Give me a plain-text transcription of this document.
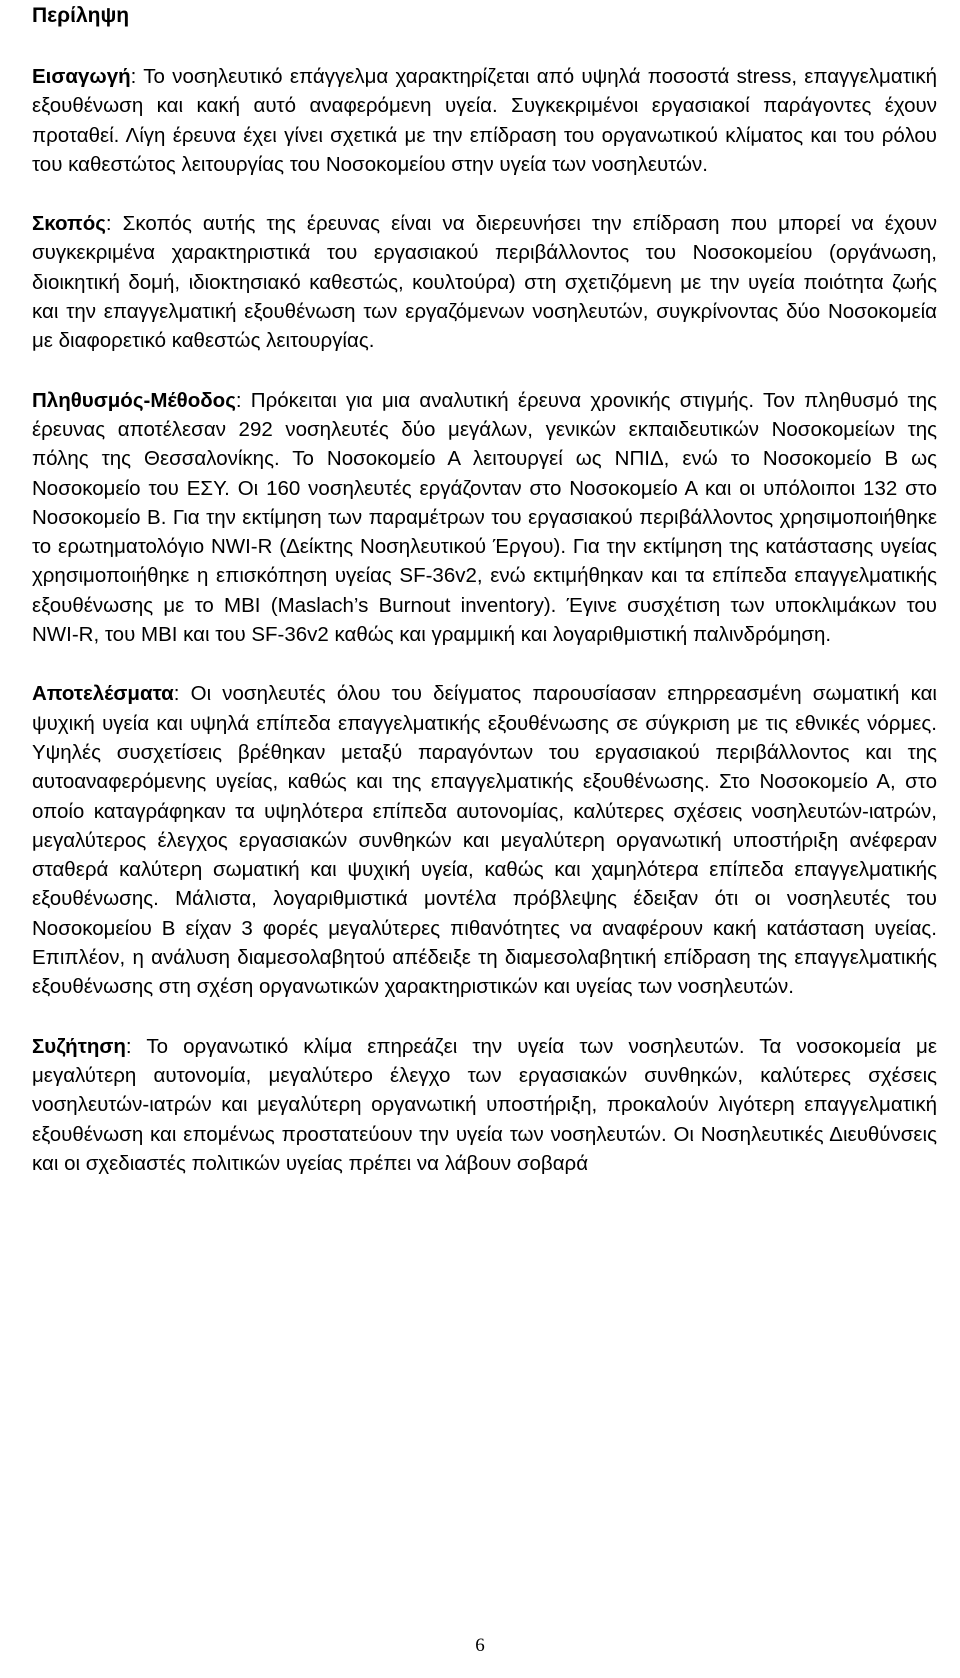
Περίληψη

Εισαγωγή: Το νοσηλευτικό επάγγελμα χαρακτηρίζεται από υψηλά ποσοστά stress, επαγγελματική εξουθένωση και κακή αυτό αναφερόμενη υγεία. Συγκεκριμένοι εργασιακοί παράγοντες έχουν προταθεί. Λίγη έρευνα έχει γίνει σχετικά με την επίδραση του οργανωτικού κλίματος και του ρόλου του καθεστώτος λειτουργίας του Νοσοκομείου στην υγεία των νοσηλευτών.

Σκοπός: Σκοπός αυτής της έρευνας είναι να διερευνήσει την επίδραση που μπορεί να έχουν συγκεκριμένα χαρακτηριστικά του εργασιακού περιβάλλοντος του Νοσοκομείου (οργάνωση, διοικητική δομή, ιδιοκτησιακό καθεστώς, κουλτούρα) στη σχετιζόμενη με την υγεία ποιότητα ζωής και την επαγγελματική εξουθένωση των εργαζόμενων νοσηλευτών, συγκρίνοντας δύο Νοσοκομεία με διαφορετικό καθεστώς λειτουργίας.

Πληθυσμός-Μέθοδος: Πρόκειται για μια αναλυτική έρευνα χρονικής στιγμής. Τον πληθυσμό της έρευνας αποτέλεσαν 292 νοσηλευτές δύο μεγάλων, γενικών εκπαιδευτικών Νοσοκομείων της πόλης της Θεσσαλονίκης. Το Νοσοκομείο Α λειτουργεί ως ΝΠΙΔ, ενώ το Νοσοκομείο Β ως Νοσοκομείο του ΕΣΥ. Οι 160 νοσηλευτές εργάζονταν στο Νοσοκομείο Α και οι υπόλοιποι 132 στο Νοσοκομείο Β. Για την εκτίμηση των παραμέτρων του εργασιακού περιβάλλοντος χρησιμοποιήθηκε το ερωτηματολόγιο NWI-R (Δείκτης Νοσηλευτικού Έργου). Για την εκτίμηση της κατάστασης υγείας χρησιμοποιήθηκε η επισκόπηση υγείας SF-36v2, ενώ εκτιμήθηκαν και τα επίπεδα επαγγελματικής εξουθένωσης με το MBI (Maslach’s Burnout inventory). Έγινε συσχέτιση των υποκλιμάκων του NWI-R, του MBI και του SF-36v2 καθώς και γραμμική και λογαριθμιστική παλινδρόμηση.

Αποτελέσματα: Οι νοσηλευτές όλου του δείγματος παρουσίασαν επηρρεασμένη σωματική και ψυχική υγεία και υψηλά επίπεδα επαγγελματικής εξουθένωσης σε σύγκριση με τις εθνικές νόρμες. Υψηλές συσχετίσεις βρέθηκαν μεταξύ παραγόντων του εργασιακού περιβάλλοντος και της αυτοαναφερόμενης υγείας, καθώς και της επαγγελματικής εξουθένωσης. Στο Νοσοκομείο Α, στο οποίο καταγράφηκαν τα υψηλότερα επίπεδα αυτονομίας, καλύτερες σχέσεις νοσηλευτών-ιατρών, μεγαλύτερος έλεγχος εργασιακών συνθηκών και μεγαλύτερη οργανωτική υποστήριξη ανέφεραν σταθερά καλύτερη σωματική και ψυχική υγεία, καθώς και χαμηλότερα επίπεδα επαγγελματικής εξουθένωσης. Μάλιστα, λογαριθμιστικά μοντέλα πρόβλεψης έδειξαν ότι οι νοσηλευτές του Νοσοκομείου Β είχαν 3 φορές μεγαλύτερες πιθανότητες να αναφέρουν κακή κατάσταση υγείας. Επιπλέον, η ανάλυση διαμεσολαβητού απέδειξε τη διαμεσολαβητική επίδραση της επαγγελματικής εξουθένωσης στη σχέση οργανωτικών χαρακτηριστικών και υγείας των νοσηλευτών.

Συζήτηση: Το οργανωτικό κλίμα επηρεάζει την υγεία των νοσηλευτών. Τα νοσοκομεία με μεγαλύτερη αυτονομία, μεγαλύτερο έλεγχο των εργασιακών συνθηκών, καλύτερες σχέσεις νοσηλευτών-ιατρών και μεγαλύτερη οργανωτική υποστήριξη, προκαλούν λιγότερη επαγγελματική εξουθένωση και επομένως προστατεύουν την υγεία των νοσηλευτών. Οι Νοσηλευτικές Διευθύνσεις και οι σχεδιαστές πολιτικών υγείας πρέπει να λάβουν σοβαρά

6
